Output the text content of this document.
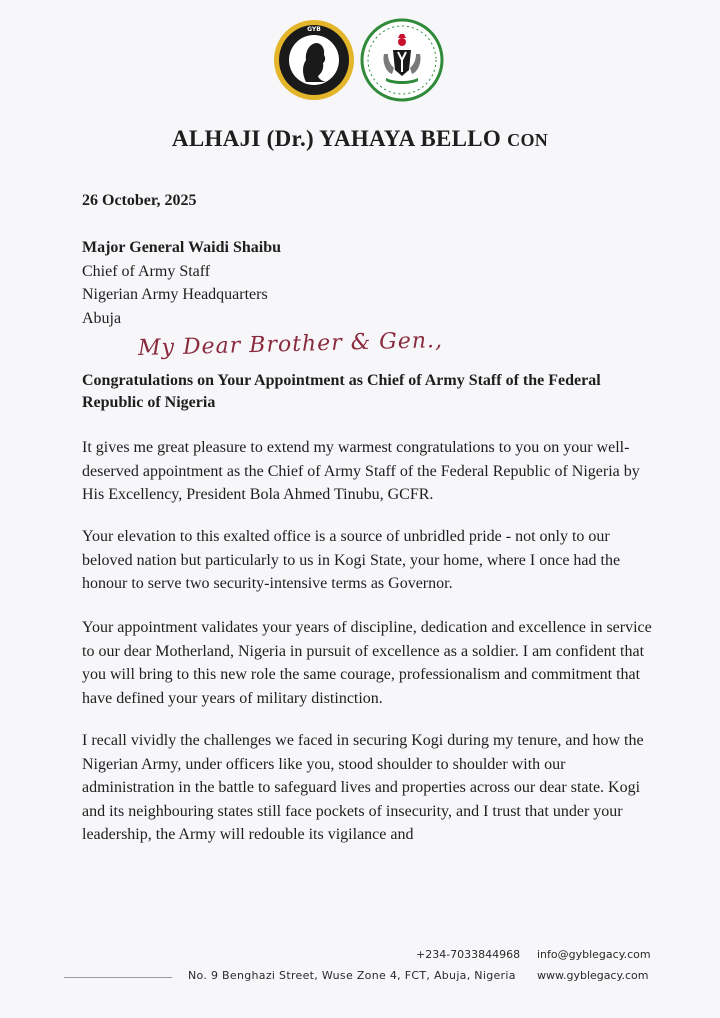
GYB
ALHAJI (Dr.) YAHAYA BELLO CON
26 October, 2025
Major General Waidi Shaibu
Chief of Army Staff
Nigerian Army Headquarters
Abuja
My Dear Brother & Gen.,
Congratulations on Your Appointment as Chief of Army Staff of the Federal Republic of Nigeria

It gives me great pleasure to extend my warmest congratulations to you on your well-deserved appointment as the Chief of Army Staff of the Federal Republic of Nigeria by His Excellency, President Bola Ahmed Tinubu, GCFR.

Your elevation to this exalted office is a source of unbridled pride - not only to our beloved nation but particularly to us in Kogi State, your home, where I once had the honour to serve two security-intensive terms as Governor.

Your appointment validates your years of discipline, dedication and excellence in service to our dear Motherland, Nigeria in pursuit of excellence as a soldier. I am confident that you will bring to this new role the same courage, professionalism and commitment that have defined your years of military distinction.

I recall vividly the challenges we faced in securing Kogi during my tenure, and how the Nigerian Army, under officers like you, stood shoulder to shoulder with our administration in the battle to safeguard lives and properties across our dear state. Kogi and its neighbouring states still face pockets of insecurity, and I trust that under your leadership, the Army will redouble its vigilance and

+234-7033844968 info@gyblegacy.com
No. 9 Benghazi Street, Wuse Zone 4, FCT, Abuja, Nigeria www.gyblegacy.com
